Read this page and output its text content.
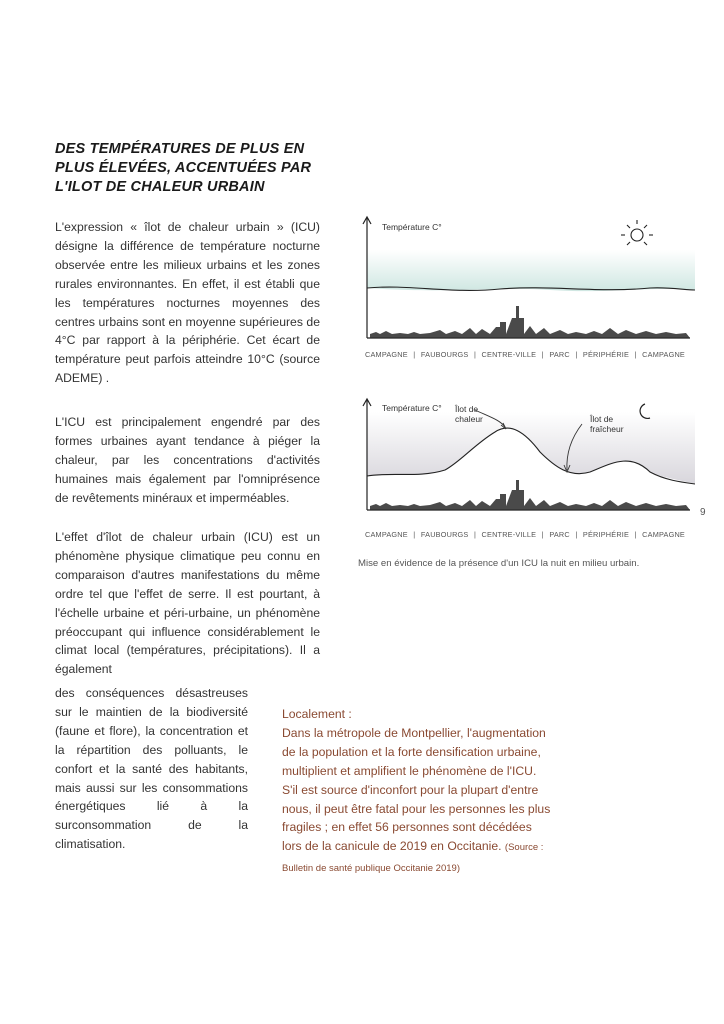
DES TEMPÉRATURES DE PLUS EN
PLUS ÉLEVÉES, ACCENTUÉES PAR
L'ILOT DE CHALEUR URBAIN

L'expression « îlot de chaleur urbain » (ICU) désigne la différence de température nocturne observée entre les milieux urbains et les zones rurales environnantes. En effet, il est établi que les températures nocturnes moyennes des centres urbains sont en moyenne supérieures de 4°C par rapport à la périphérie. Cet écart de température peut parfois atteindre 10°C (source ADEME) .

L'ICU est principalement engendré par des formes urbaines ayant tendance à piéger la chaleur, par les concentrations d'activités humaines mais également par l'omniprésence de revêtements minéraux et imperméables.

L'effet d'îlot de chaleur urbain (ICU) est un phénomène physique climatique peu connu en comparaison d'autres manifestations du même ordre tel que l'effet de serre. Il est pourtant, à l'échelle urbaine et péri-urbaine, un phénomène préoccupant qui influence considérablement le climat local (températures, précipitations). Il a également

des conséquences désastreuses sur le maintien de la biodiversité (faune et flore), la concentration et la répartition des polluants, le confort et la santé des habitants, mais aussi sur les consommations énergétiques lié à la surconsommation de la climatisation.

Localement :
Dans la métropole de Montpellier, l'augmentation de la population et la forte densification urbaine, multiplient et amplifient le phénomène de l'ICU. S'il est source d'inconfort pour la plupart d'entre nous, il peut être fatal pour les personnes les plus fragiles ; en effet 56 personnes sont décédées lors de la canicule de 2019 en Occitanie. (Source : Bulletin de santé publique Occitanie 2019)
Température C°
CAMPAGNE | FAUBOURGS | CENTRE-VILLE | PARC | PÉRIPHÉRIE | CAMPAGNE
Température C° Îlot de chaleur	Îlot de fraîcheur
CAMPAGNE | FAUBOURGS | CENTRE-VILLE | PARC | PÉRIPHÉRIE | CAMPAGNE
Mise en évidence de la présence d'un ICU la nuit en milieu urbain.
9
